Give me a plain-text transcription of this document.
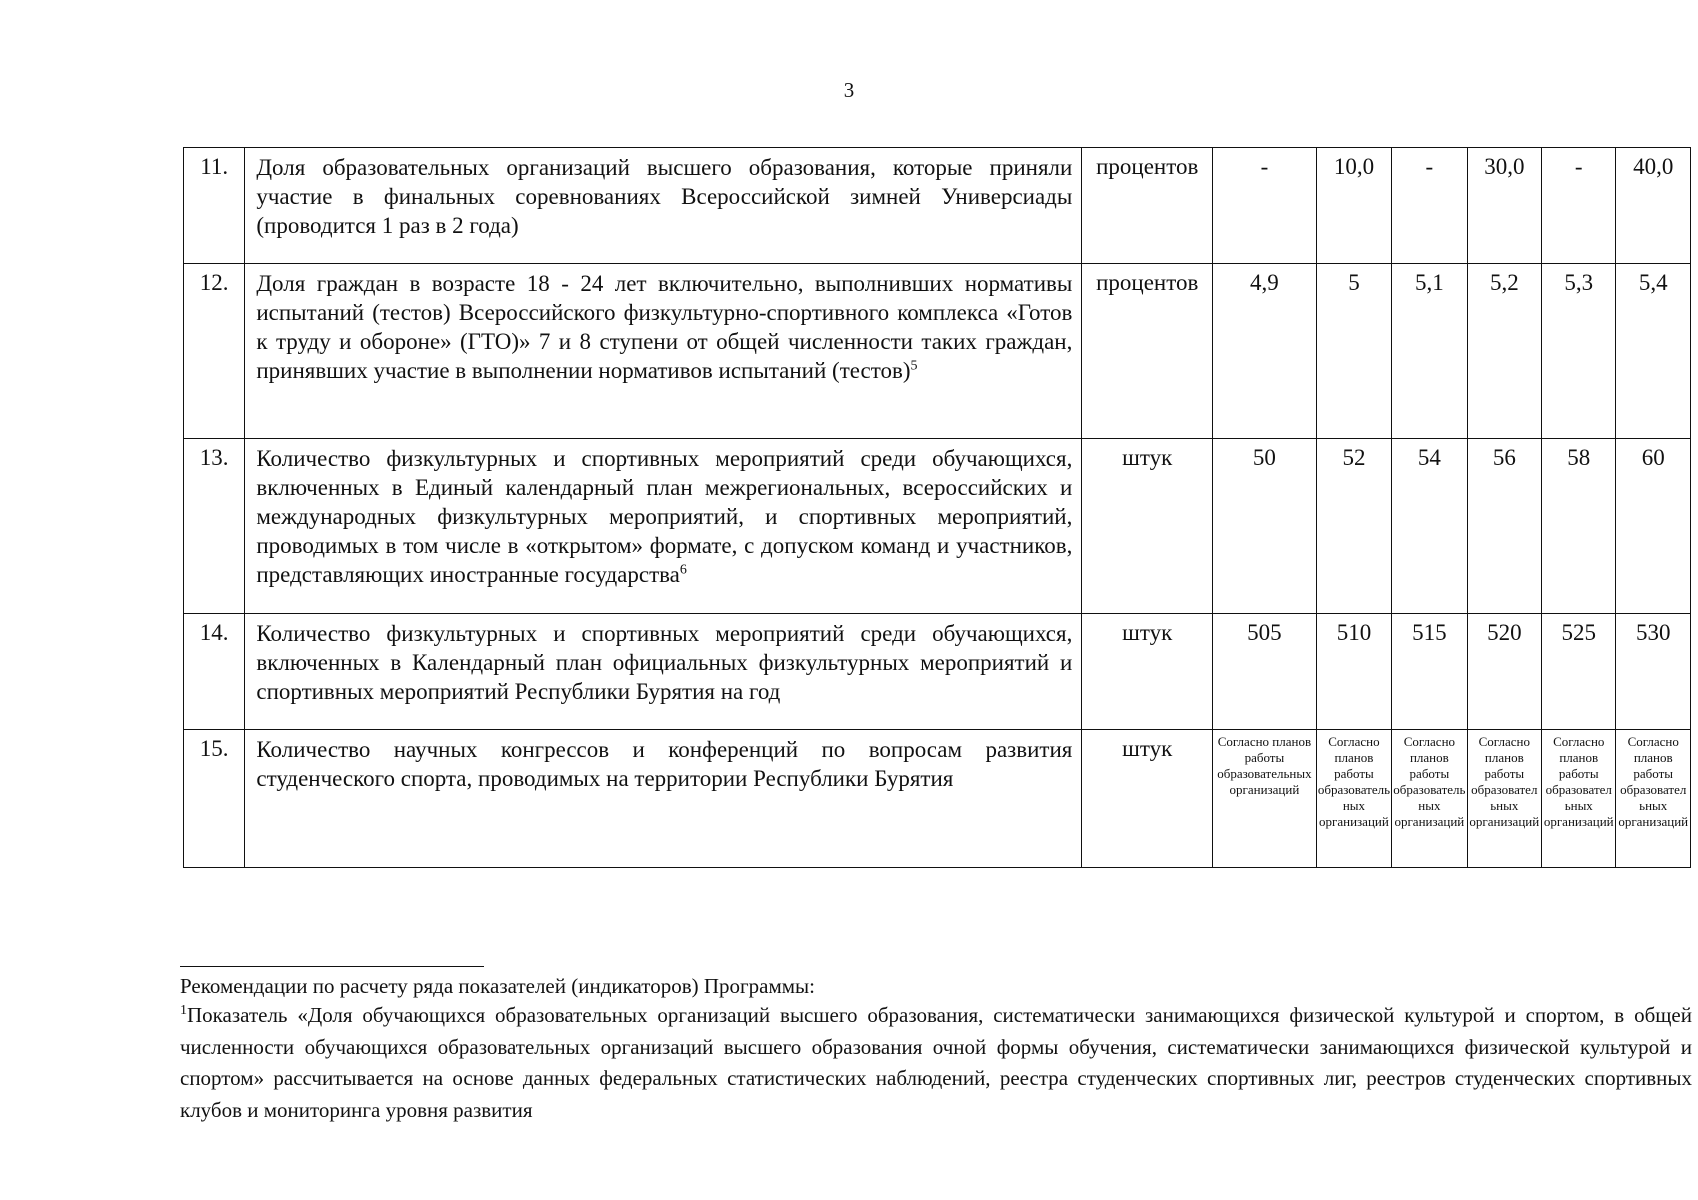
3
11.	Доля образовательных организаций высшего образования, которые приняли участие в финальных соревнованиях Всероссийской зимней Универсиады (проводится 1 раз в 2 года)	процентов	-	10,0	-	30,0	-	40,0
12.	Доля граждан в возрасте 18 - 24 лет включительно, выполнивших нормативы испытаний (тестов) Всероссийского физкультурно-спортивного комплекса «Готов к труду и обороне» (ГТО)» 7 и 8 ступени от общей численности таких граждан, принявших участие в выполнении нормативов испытаний (тестов)$^5$	процентов	4,9	5	5,1	5,2	5,3	5,4
13.	Количество физкультурных и спортивных мероприятий среди обучающихся, включенных в Единый календарный план межрегиональных, всероссийских и международных физкультурных мероприятий, и спортивных мероприятий, проводимых в том числе в «открытом» формате, с допуском команд и участников, представляющих иностранные государства$^6$	штук	50	52	54	56	58	60
14.	Количество физкультурных и спортивных мероприятий среди обучающихся, включенных в Календарный план официальных физкультурных мероприятий и спортивных мероприятий Республики Бурятия на год	штук	505	510	515	520	525	530
15.	Количество научных конгрессов и конференций по вопросам развития студенческого спорта, проводимых на территории Республики Бурятия	штук	Согласно планов работы образовательных организаций	Согласно планов работы образовательных организаций	Согласно планов работы образовательных организаций	Согласно планов работы образовательных организаций	Согласно планов работы образовательных организаций	Согласно планов работы образовательных организаций
Рекомендации по расчету ряда показателей (индикаторов) Программы:
$^1$Показатель «Доля обучающихся образовательных организаций высшего образования, систематически занимающихся физической культурой и спортом, в общей численности обучающихся образовательных организаций высшего образования очной формы обучения, систематически занимающихся физической культурой и спортом» рассчитывается на основе данных федеральных статистических наблюдений, реестра студенческих спортивных лиг, реестров студенческих спортивных клубов и мониторинга уровня развития
